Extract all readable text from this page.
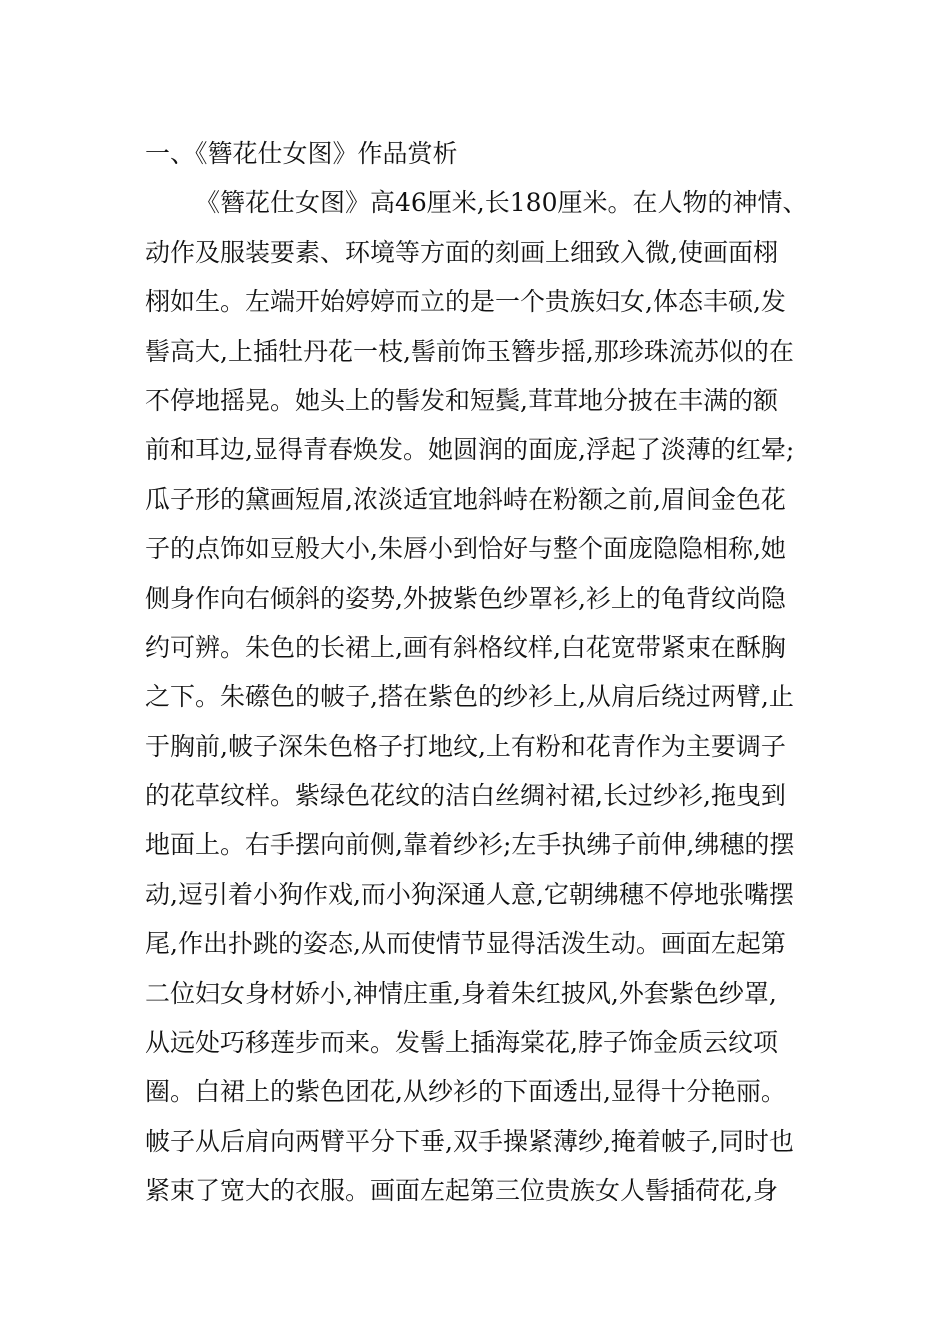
一、《簪花仕女图》作品赏析
《簪花仕女图》高46厘米,长180厘米。在人物的神情、
动作及服装要素、环境等方面的刻画上细致入微,使画面栩
栩如生。左端开始婷婷而立的是一个贵族妇女,体态丰硕,发
髻高大,上插牡丹花一枝,髻前饰玉簪步摇,那珍珠流苏似的在
不停地摇晃。她头上的髻发和短鬓,茸茸地分披在丰满的额
前和耳边,显得青春焕发。她圆润的面庞,浮起了淡薄的红晕;
瓜子形的黛画短眉,浓淡适宜地斜峙在粉额之前,眉间金色花
子的点饰如豆般大小,朱唇小到恰好与整个面庞隐隐相称,她
侧身作向右倾斜的姿势,外披紫色纱罩衫,衫上的龟背纹尚隐
约可辨。朱色的长裙上,画有斜格纹样,白花宽带紧束在酥胸
之下。朱礤色的帔子,搭在紫色的纱衫上,从肩后绕过两臂,止
于胸前,帔子深朱色格子打地纹,上有粉和花青作为主要调子
的花草纹样。紫绿色花纹的洁白丝绸衬裙,长过纱衫,拖曳到
地面上。右手摆向前侧,靠着纱衫;左手执绋子前伸,绋穗的摆
动,逗引着小狗作戏,而小狗深通人意,它朝绋穗不停地张嘴摆
尾,作出扑跳的姿态,从而使情节显得活泼生动。画面左起第
二位妇女身材娇小,神情庄重,身着朱红披风,外套紫色纱罩,
从远处巧移莲步而来。发髻上插海棠花,脖子饰金质云纹项
圈。白裙上的紫色团花,从纱衫的下面透出,显得十分艳丽。
帔子从后肩向两臂平分下垂,双手操紧薄纱,掩着帔子,同时也
紧束了宽大的衣服。画面左起第三位贵族女人髻插荷花,身
